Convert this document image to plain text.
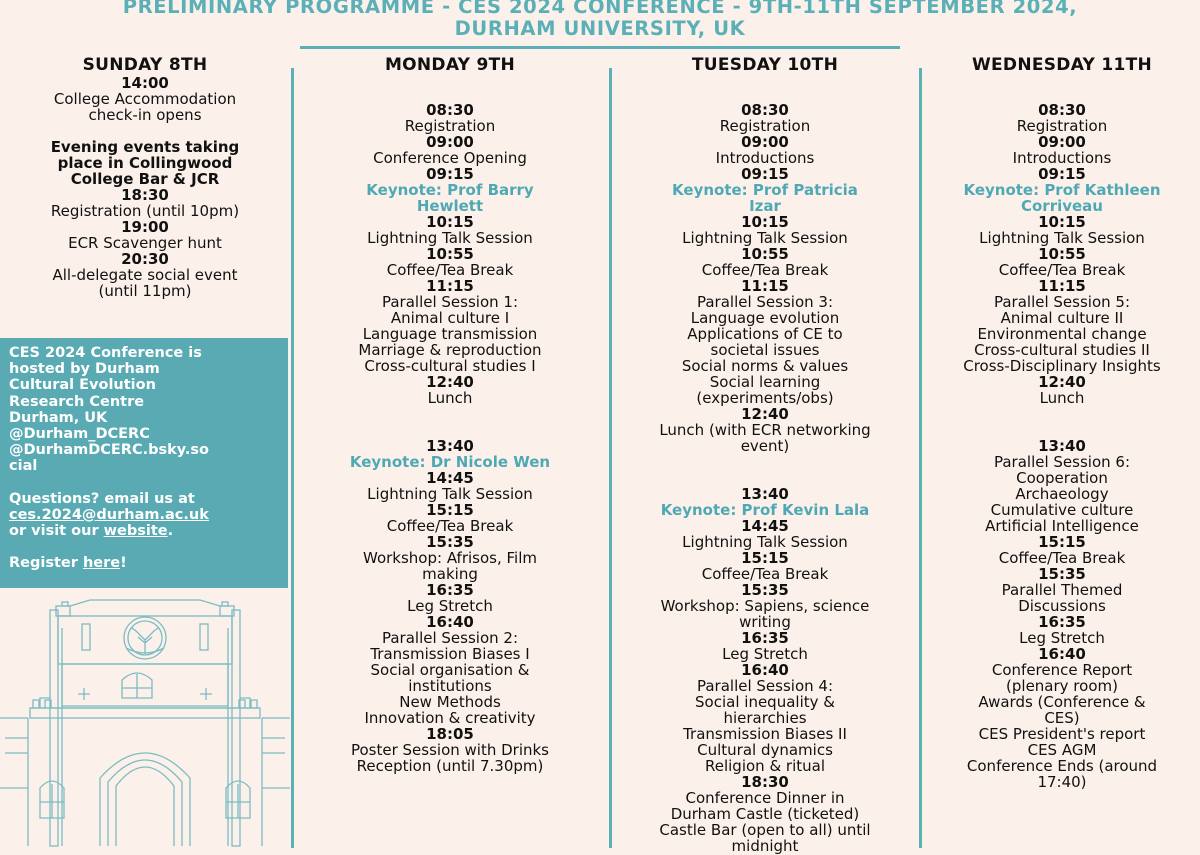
PRELIMINARY PROGRAMME - CES 2024 CONFERENCE - 9TH-11TH SEPTEMBER 2024,
DURHAM UNIVERSITY, UK
SUNDAY 8TH
14:00
College Accommodation
check-in opens
Evening events taking
place in Collingwood
College Bar & JCR
18:30
Registration (until 10pm)
19:00
ECR Scavenger hunt
20:30
All-delegate social event
(until 11pm)
CES 2024 Conference is
hosted by Durham
Cultural Evolution
Research Centre
Durham, UK
@Durham_DCERC
@DurhamDCERC.bsky.so
cial
Questions? email us at
ces.2024@durham.ac.uk
or visit our website.
Register here!
MONDAY 9TH
08:30
Registration
09:00
Conference Opening
09:15
Keynote: Prof Barry
Hewlett
10:15
Lightning Talk Session
10:55
Coffee/Tea Break
11:15
Parallel Session 1:
Animal culture I
Language transmission
Marriage & reproduction
Cross-cultural studies I
12:40
Lunch
13:40
Keynote: Dr Nicole Wen
14:45
Lightning Talk Session
15:15
Coffee/Tea Break
15:35
Workshop: Afrisos, Film
making
16:35
Leg Stretch
16:40
Parallel Session 2:
Transmission Biases I
Social organisation &
institutions
New Methods
Innovation & creativity
18:05
Poster Session with Drinks
Reception (until 7.30pm)
TUESDAY 10TH
08:30
Registration
09:00
Introductions
09:15
Keynote: Prof Patricia
Izar
10:15
Lightning Talk Session
10:55
Coffee/Tea Break
11:15
Parallel Session 3:
Language evolution
Applications of CE to
societal issues
Social norms & values
Social learning
(experiments/obs)
12:40
Lunch (with ECR networking
event)
13:40
Keynote: Prof Kevin Lala
14:45
Lightning Talk Session
15:15
Coffee/Tea Break
15:35
Workshop: Sapiens, science
writing
16:35
Leg Stretch
16:40
Parallel Session 4:
Social inequality &
hierarchies
Transmission Biases II
Cultural dynamics
Religion & ritual
18:30
Conference Dinner in
Durham Castle (ticketed)
Castle Bar (open to all) until
midnight
WEDNESDAY 11TH
08:30
Registration
09:00
Introductions
09:15
Keynote: Prof Kathleen
Corriveau
10:15
Lightning Talk Session
10:55
Coffee/Tea Break
11:15
Parallel Session 5:
Animal culture II
Environmental change
Cross-cultural studies II
Cross-Disciplinary Insights
12:40
Lunch
13:40
Parallel Session 6:
Cooperation
Archaeology
Cumulative culture
Artificial Intelligence
15:15
Coffee/Tea Break
15:35
Parallel Themed
Discussions
16:35
Leg Stretch
16:40
Conference Report
(plenary room)
Awards (Conference &
CES)
CES President's report
CES AGM
Conference Ends (around
17:40)
